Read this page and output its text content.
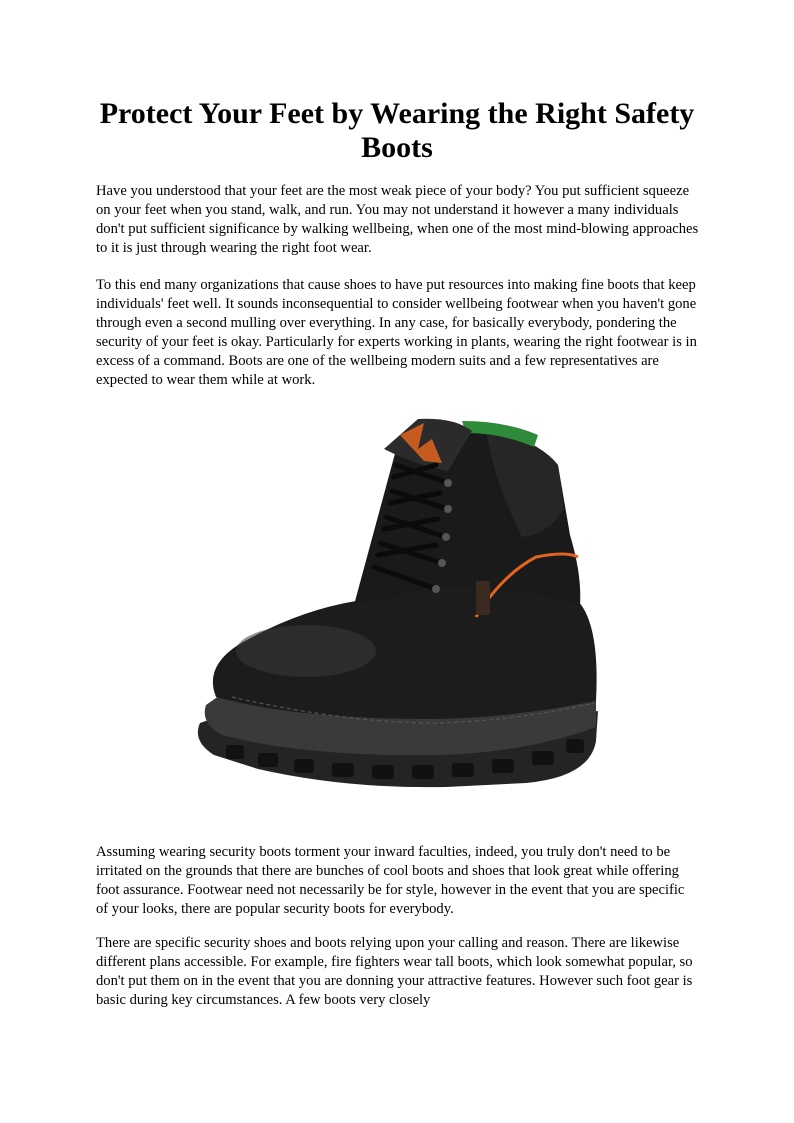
Protect Your Feet by Wearing the Right Safety Boots

Have you understood that your feet are the most weak piece of your body? You put sufficient squeeze on your feet when you stand, walk, and run. You may not understand it however a many individuals don't put sufficient significance by walking wellbeing, when one of the most mind-blowing approaches to it is just through wearing the right foot wear.

To this end many organizations that cause shoes to have put resources into making fine boots that keep individuals' feet well. It sounds inconsequential to consider wellbeing footwear when you haven't gone through even a second mulling over everything. In any case, for basically everybody, pondering the security of your feet is okay. Particularly for experts working in plants, wearing the right footwear is in excess of a command. Boots are one of the wellbeing modern suits and a few representatives are expected to wear them while at work.

Assuming wearing security boots torment your inward faculties, indeed, you truly don't need to be irritated on the grounds that there are bunches of cool boots and shoes that look great while offering foot assurance. Footwear need not necessarily be for style, however in the event that you are specific of your looks, there are popular security boots for everybody.

There are specific security shoes and boots relying upon your calling and reason. There are likewise different plans accessible. For example, fire fighters wear tall boots, which look somewhat popular, so don't put them on in the event that you are donning your attractive features. However such foot gear is basic during key circumstances. A few boots very closely
